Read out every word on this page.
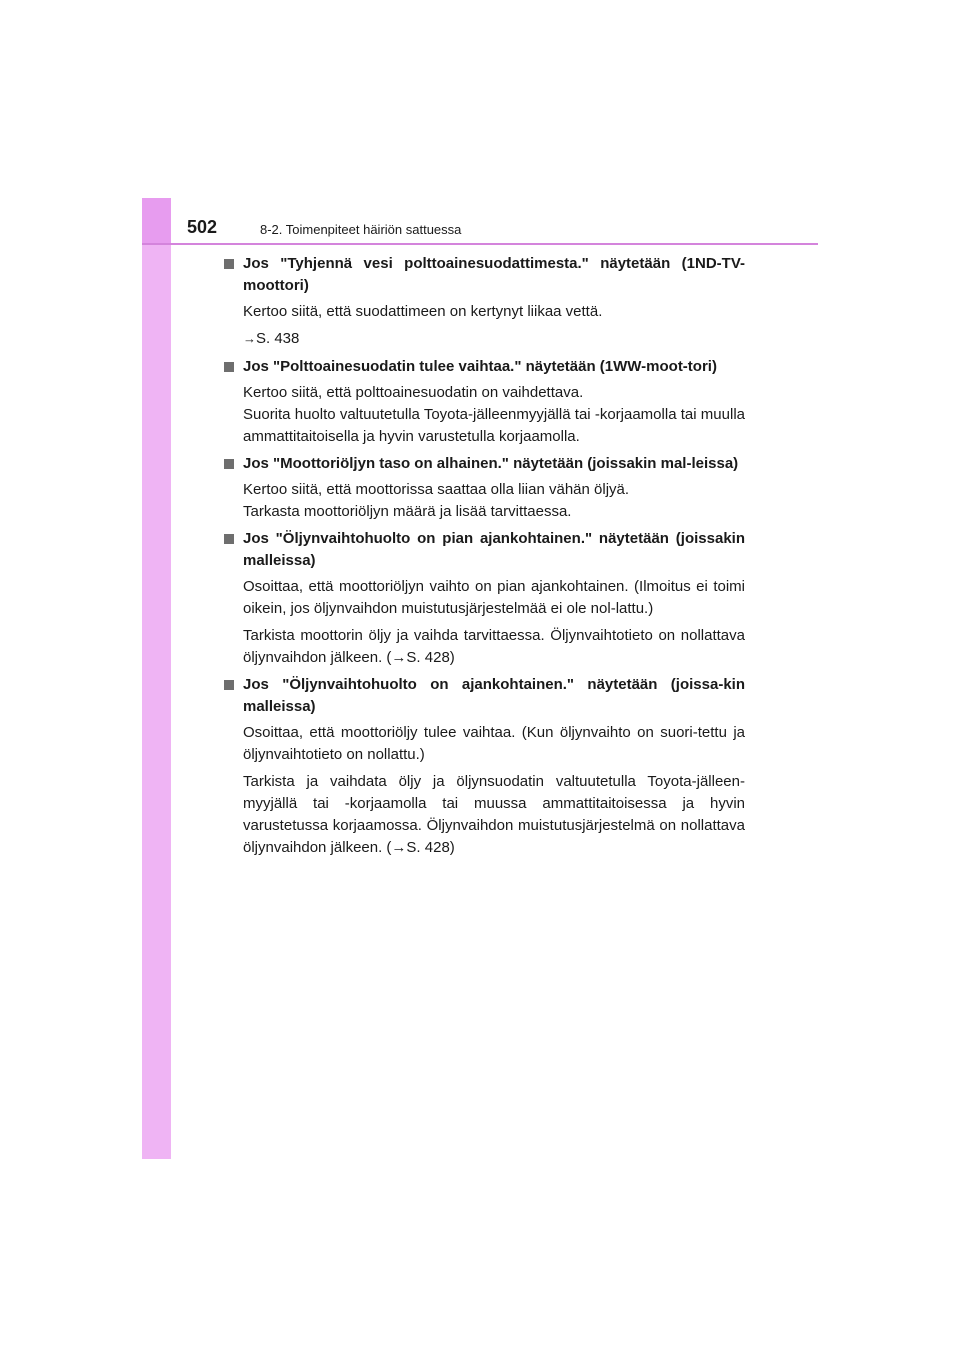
502	8-2. Toimenpiteet häiriön sattuessa
Jos "Tyhjennä vesi polttoainesuodattimesta." näytetään (1ND-TV-moottori)

Kertoo siitä, että suodattimeen on kertynyt liikaa vettä.

→S. 438

Jos "Polttoainesuodatin tulee vaihtaa." näytetään (1WW-moot-tori)

Kertoo siitä, että polttoainesuodatin on vaihdettava.
Suorita huolto valtuutetulla Toyota-jälleenmyyjällä tai -korjaamolla tai muulla ammattitaitoisella ja hyvin varustetulla korjaamolla.

Jos "Moottoriöljyn taso on alhainen." näytetään (joissakin mal-leissa)

Kertoo siitä, että moottorissa saattaa olla liian vähän öljyä.
Tarkasta moottoriöljyn määrä ja lisää tarvittaessa.

Jos "Öljynvaihtohuolto on pian ajankohtainen." näytetään (joissakin malleissa)

Osoittaa, että moottoriöljyn vaihto on pian ajankohtainen. (Ilmoitus ei toimi oikein, jos öljynvaihdon muistutusjärjestelmää ei ole nol-lattu.)

Tarkista moottorin öljy ja vaihda tarvittaessa. Öljynvaihtotieto on nollattava öljynvaihdon jälkeen. (→S. 428)

Jos "Öljynvaihtohuolto on ajankohtainen." näytetään (joissa-kin malleissa)

Osoittaa, että moottoriöljy tulee vaihtaa. (Kun öljynvaihto on suori-tettu ja öljynvaihtotieto on nollattu.)

Tarkista ja vaihdata öljy ja öljynsuodatin valtuutetulla Toyota-jälleen-myyjällä tai -korjaamolla tai muussa ammattitaitoisessa ja hyvin varustetussa korjaamossa. Öljynvaihdon muistutusjärjestelmä on nollattava öljynvaihdon jälkeen. (→S. 428)
